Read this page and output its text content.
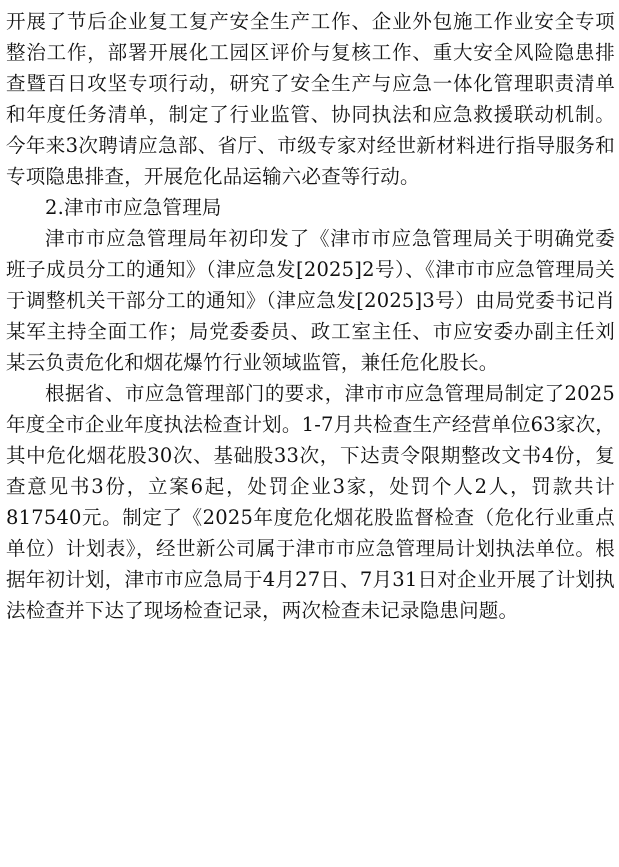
开展了节后企业复工复产安全生产工作、企业外包施工作业安全专项整治工作，部署开展化工园区评价与复核工作、重大安全风险隐患排查暨百日攻坚专项行动，研究了安全生产与应急一体化管理职责清单和年度任务清单，制定了行业监管、协同执法和应急救援联动机制。今年来3次聘请应急部、省厅、市级专家对经世新材料进行指导服务和专项隐患排查，开展危化品运输六必查等行动。

2.津市市应急管理局

津市市应急管理局年初印发了《津市市应急管理局关于明确党委班子成员分工的通知》（津应急发[2025]2号）、《津市市应急管理局关于调整机关干部分工的通知》（津应急发[2025]3号）由局党委书记肖某军主持全面工作；局党委委员、政工室主任、市应安委办副主任刘某云负责危化和烟花爆竹行业领域监管，兼任危化股长。

根据省、市应急管理部门的要求，津市市应急管理局制定了2025年度全市企业年度执法检查计划。1-7月共检查生产经营单位63家次，其中危化烟花股30次、基础股33次，下达责令限期整改文书4份，复查意见书3份，立案6起，处罚企业3家，处罚个人2人，罚款共计817540元。制定了《2025年度危化烟花股监督检查（危化行业重点单位）计划表》，经世新公司属于津市市应急管理局计划执法单位。根据年初计划，津市市应急局于4月27日、7月31日对企业开展了计划执法检查并下达了现场检查记录，两次检查未记录隐患问题。
